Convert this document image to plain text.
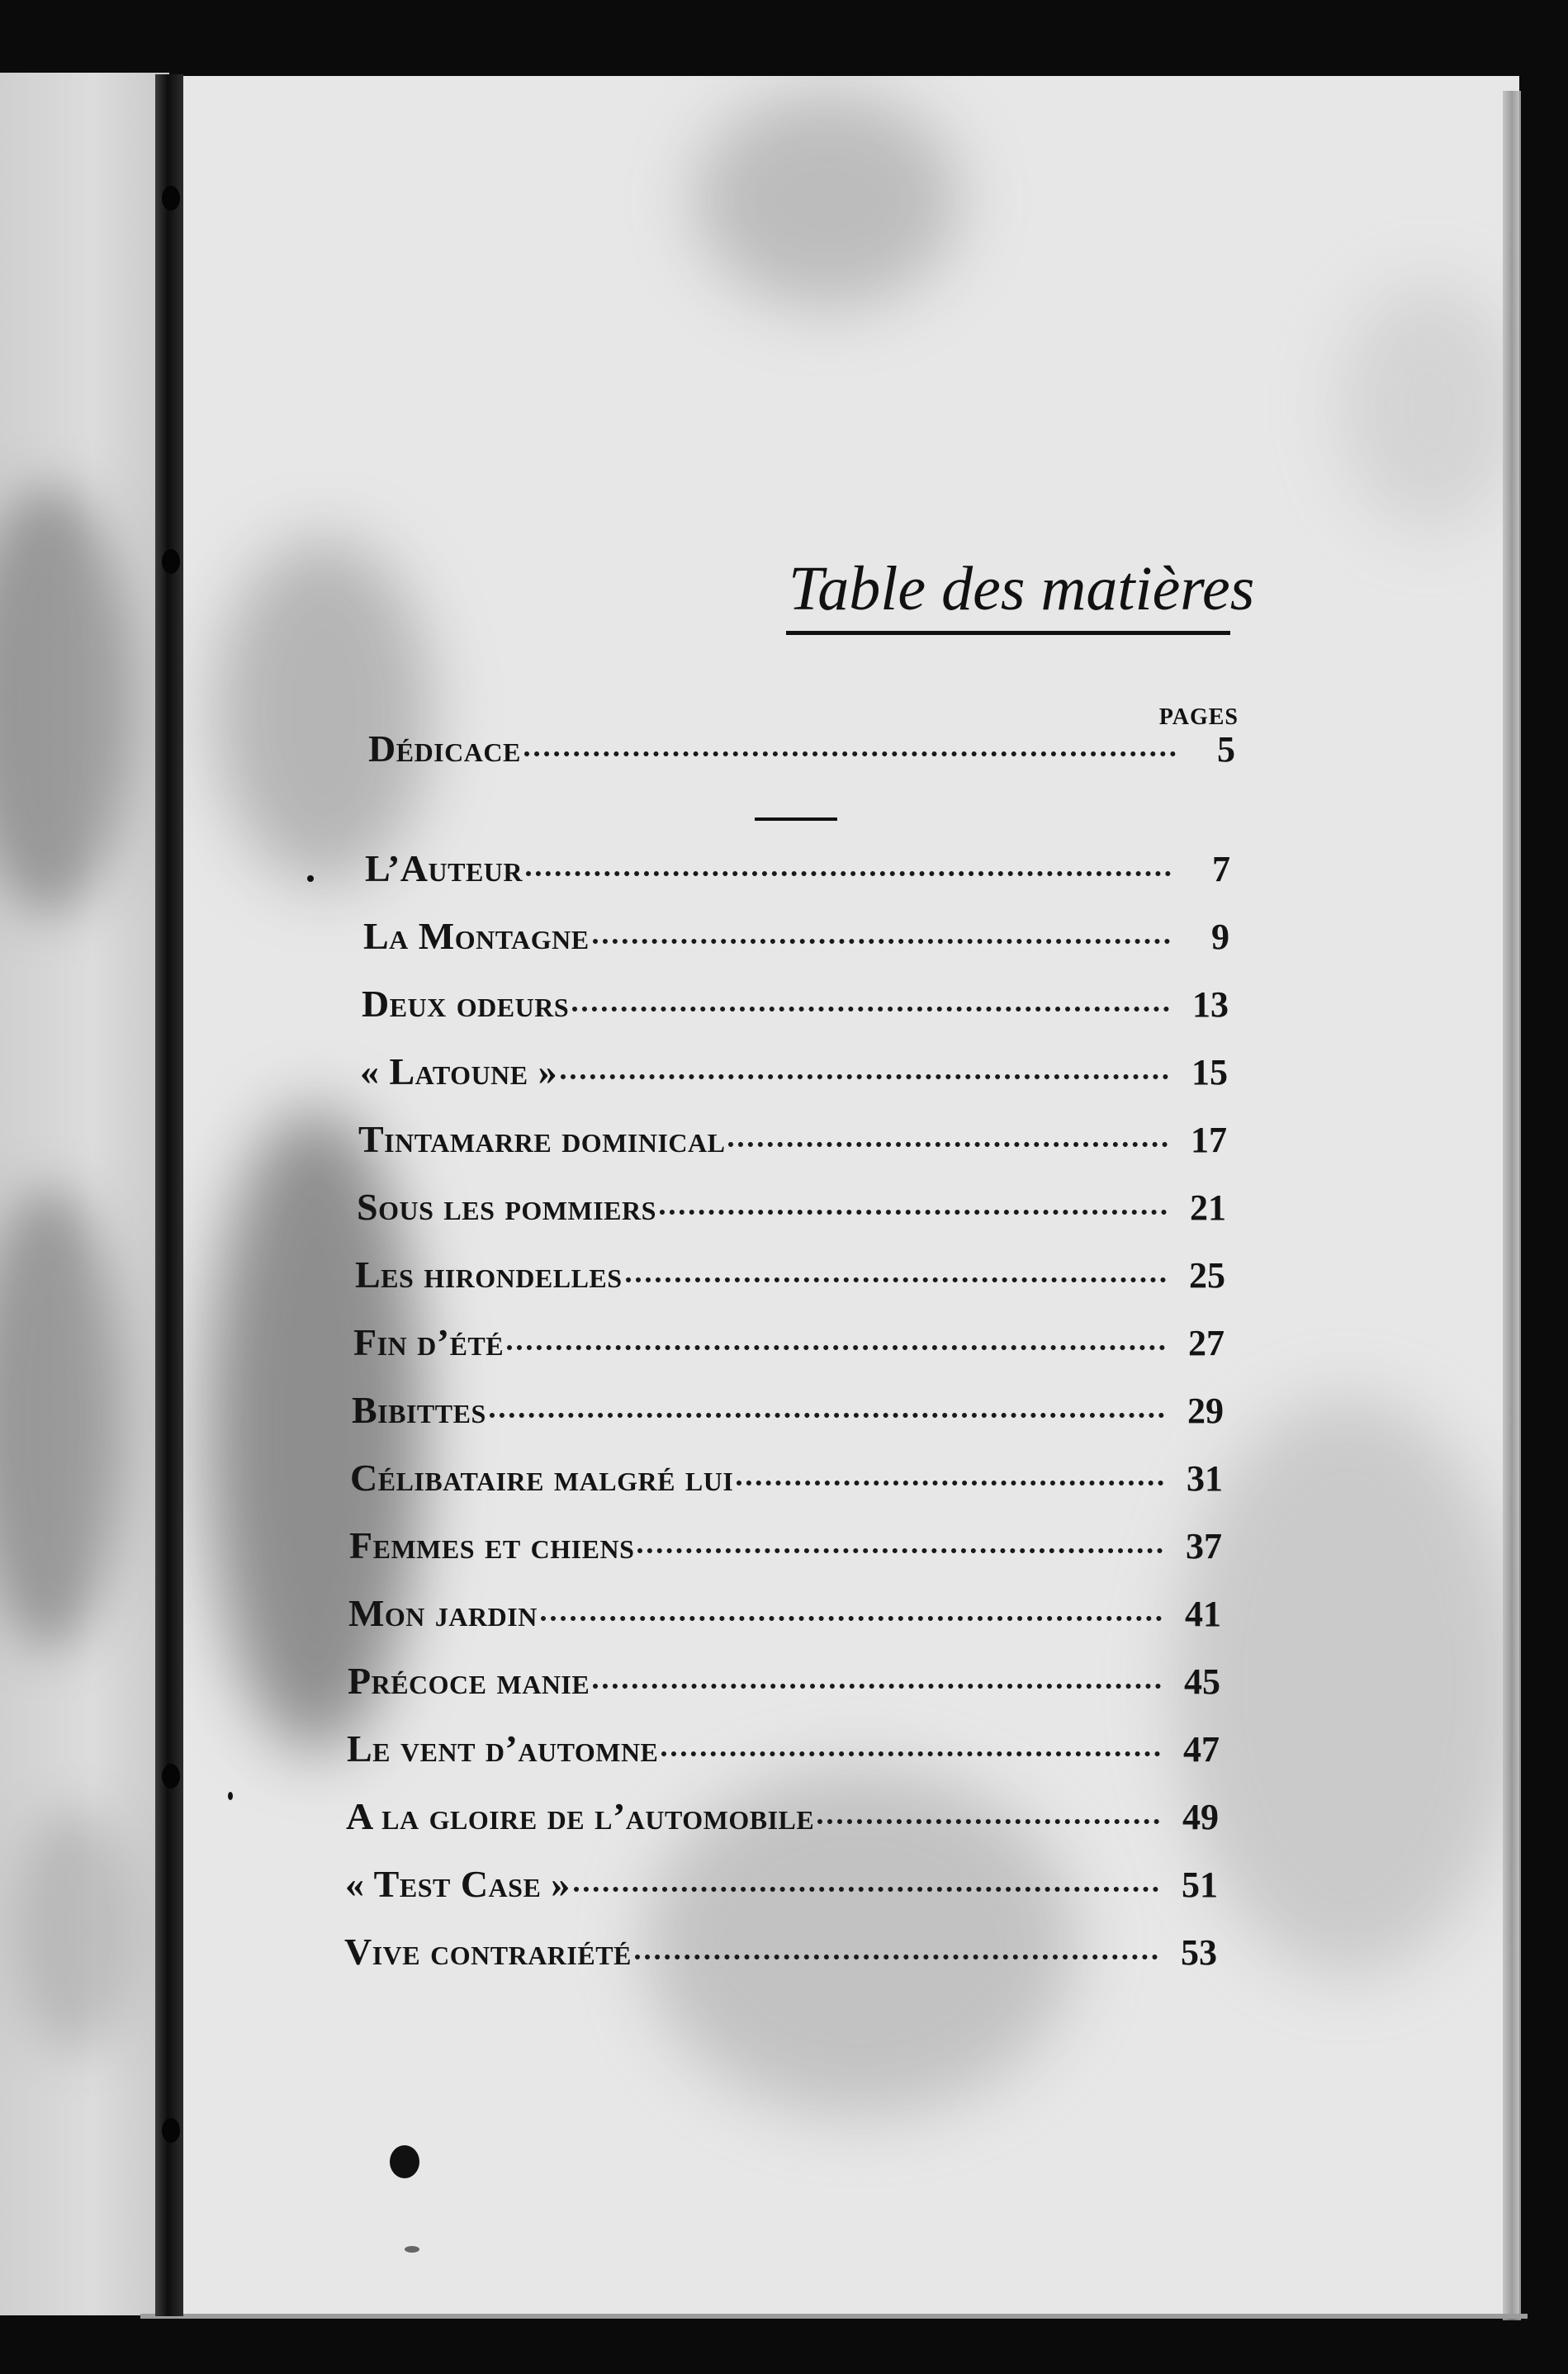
Table des matières
PAGES
Dédicace	5
L’Auteur	7
La Montagne	9
Deux odeurs	13
« Latoune »	15
Tintamarre dominical	17
Sous les pommiers	21
Les hirondelles	25
Fin d’été	27
Bibittes	29
Célibataire malgré lui	31
Femmes et chiens	37
Mon jardin	41
Précoce manie	45
Le vent d’automne	47
A la gloire de l’automobile	49
« Test Case »	51
Vive contrariété	53
